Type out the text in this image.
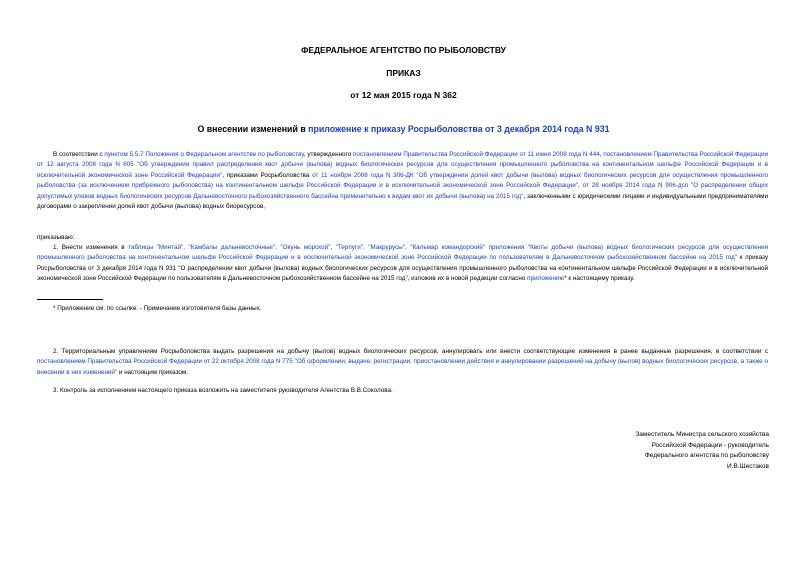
ФЕДЕРАЛЬНОЕ АГЕНТСТВО ПО РЫБОЛОВСТВУ
ПРИКАЗ
от 12 мая 2015 года N 362
О внесении изменений в приложение к приказу Росрыболовства от 3 декабря 2014 года N 931
В соответствии с пунктом 5.5.7 Положения о Федеральном агентстве по рыболовству, утвержденного постановлением Правительства Российской Федерации от 11 июня 2008 года N 444, постановлением Правительства Российской Федерации от 12 августа 2008 года N 605 "Об утверждении правил распределения квот добычи (вылова) водных биологических ресурсов для осуществления промышленного рыболовства на континентальном шельфе Российской Федерации и в исключительной экономической зоне Российской Федерации", приказами Росрыболовства от 11 ноября 2008 года N 306-ДК "Об утверждении долей квот добычи (вылова) водных биологических ресурсов для осуществления промышленного рыболовства (за исключением прибрежного рыболовства) на континентальном шельфе Российской Федерации и в исключительной экономической зоне Российской Федерации", от 28 ноября 2014 года N 906-дсп "О распределении общих допустимых уловов водных биологических ресурсов Дальневосточного рыбохозяйственного бассейна применительно к видам квот их добычи (вылова) на 2015 год", заключенными с юридическими лицами и индивидуальными предпринимателями договорами о закреплении долей квот добычи (вылова) водных биоресурсов,
приказываю:
1. Внести изменения в таблицы "Минтай", "Камбалы дальневосточные", "Окунь морской", "Терпуги", "Макрурусы", "Кальмар командорский" приложения "Квоты добычи (вылова) водных биологических ресурсов для осуществления промышленного рыболовства на континентальном шельфе Российской Федерации и в исключительной экономической зоне Российской Федерации по пользователям в Дальневосточном рыбохозяйственном бассейне на 2015 год" к приказу Росрыболовства от 3 декабря 2014 года N 931 "О распределении квот добычи (вылова) водных биологических ресурсов для осуществления промышленного рыболовства на континентальном шельфе Российской Федерации и в исключительной экономической зоне Российской Федерации по пользователям в Дальневосточном рыбохозяйственном бассейне на 2015 год", изложив их в новой редакции согласно приложению* к настоящему приказу.
* Приложение см. по ссылке. - Примечание изготовителя базы данных.
2. Территориальным управлениям Росрыболовства выдать разрешения на добычу (вылов) водных биологических ресурсов, аннулировать или внести соответствующие изменения в ранее выданные разрешения, в соответствии с постановлением Правительства Российской Федерации от 22 октября 2008 года N 775 "Об оформлении, выдаче, регистрации, приостановлении действия и аннулировании разрешений на добычу (вылов) водных биологических ресурсов, а также о внесении в них изменений" и настоящим приказом.
3. Контроль за исполнением настоящего приказа возложить на заместителя руководителя Агентства В.В.Соколова.
Заместитель Министра сельского хозяйства
Российской Федерации - руководитель
Федерального агентства по рыболовству
И.В.Шестаков
